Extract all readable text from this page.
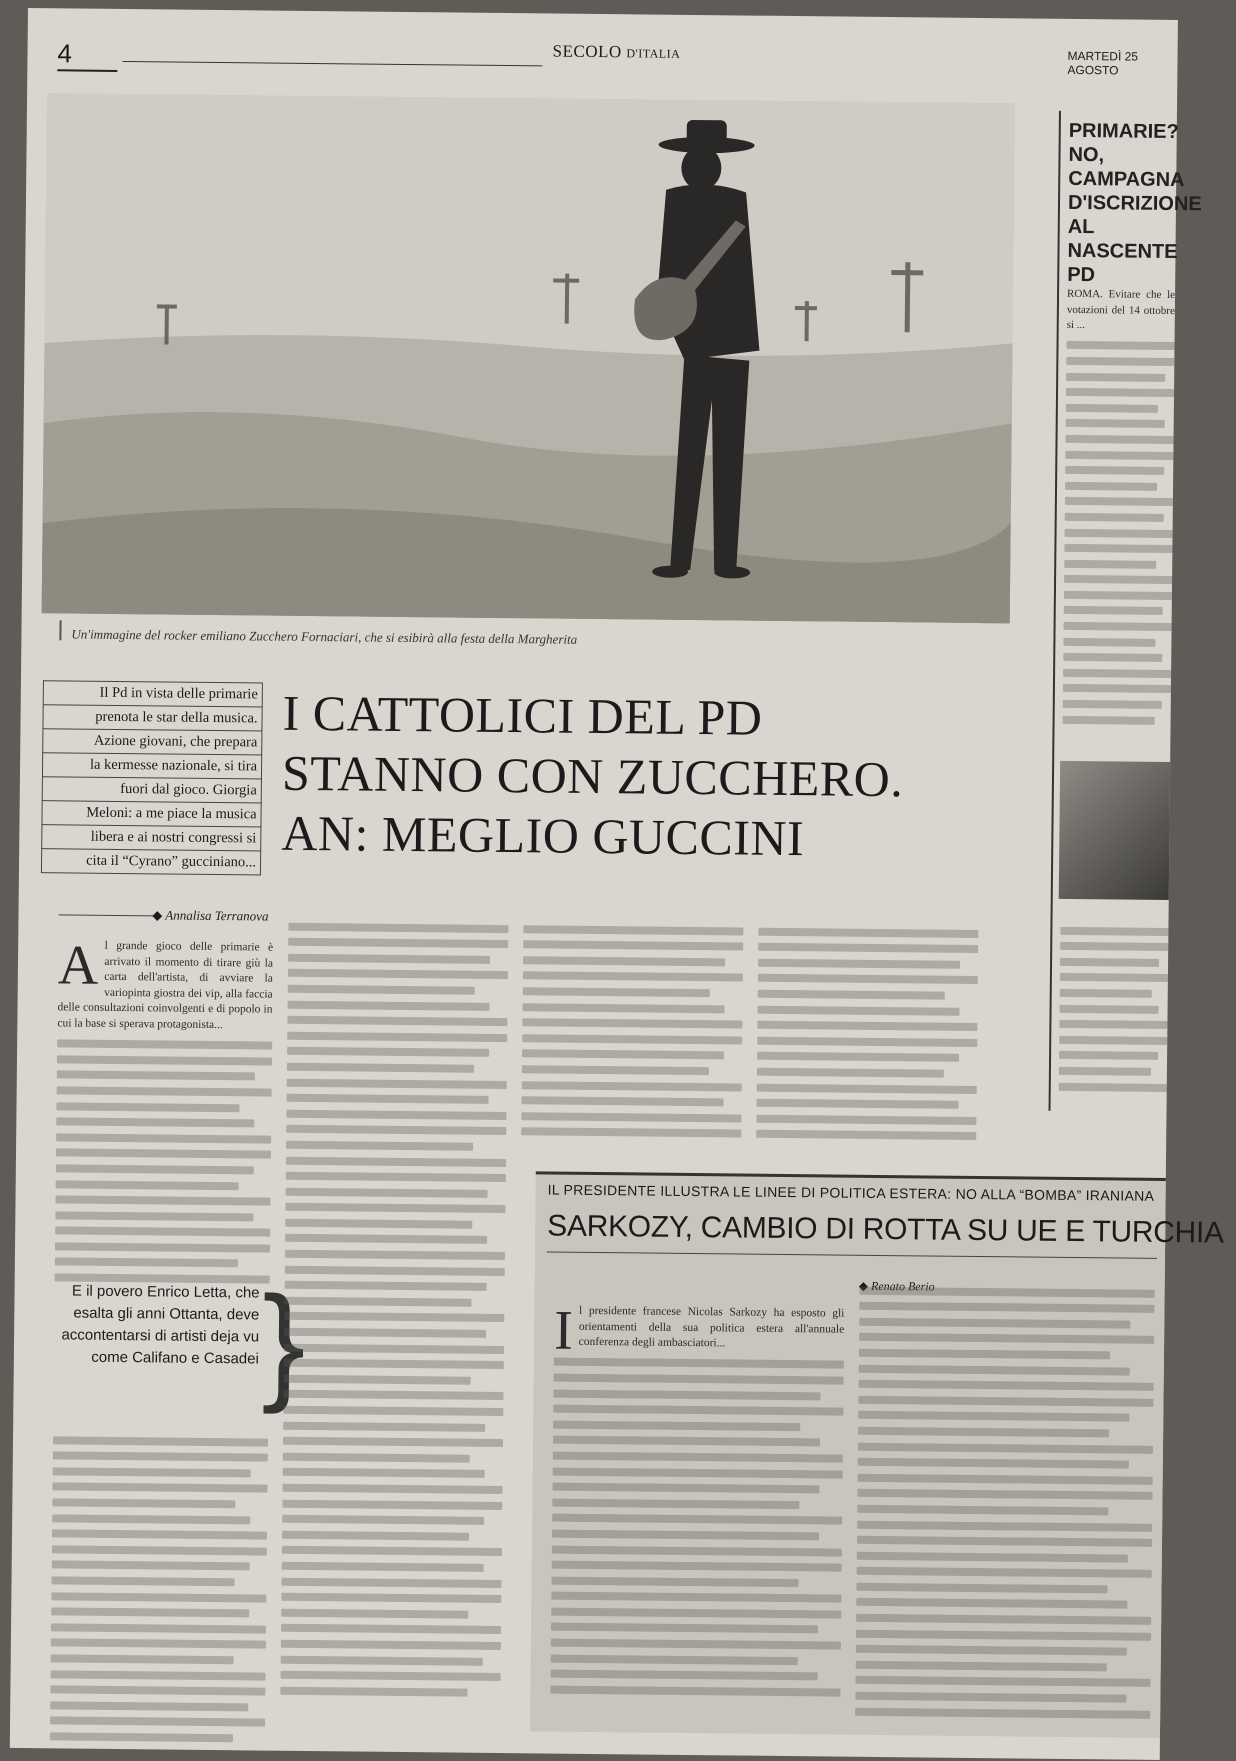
4	SECOLO D'ITALIA	MARTEDÌ 25 AGOSTO
Un'immagine del rocker emiliano Zucchero Fornaciari, che si esibirà alla festa della Margherita

Il Pd in vista delle primarie

prenota le star della musica.

Azione giovani, che prepara

la kermesse nazionale, si tira

fuori dal gioco. Giorgia

Meloni: a me piace la musica

libera e ai nostri congressi si

cita il “Cyrano” gucciniano...

I CATTOLICI DEL PD
STANNO CON ZUCCHERO.
AN: MEGLIO GUCCINI
◆ Annalisa Terranova
A l grande gioco delle primarie è arrivato il momento di tirare giù la carta dell'artista, di avviare la variopinta giostra dei vip, alla faccia delle consultazioni coinvolgenti e di popolo in cui la base si sperava protagonista...
E il povero Enrico Letta, che esalta gli anni Ottanta, deve accontentarsi di artisti deja vu come Califano e Casadei }
PRIMARIE? NO, CAMPAGNA D'ISCRIZIONE AL NASCENTE PD
ROMA. Evitare che le votazioni del 14 ottobre si ...
IL PRESIDENTE ILLUSTRA LE LINEE DI POLITICA ESTERA: NO ALLA “BOMBA” IRANIANA
SARKOZY, CAMBIO DI ROTTA SU UE E TURCHIA
◆ Renato Berio
I l presidente francese Nicolas Sarkozy ha esposto gli orientamenti della sua politica estera all'annuale conferenza degli ambasciatori...
